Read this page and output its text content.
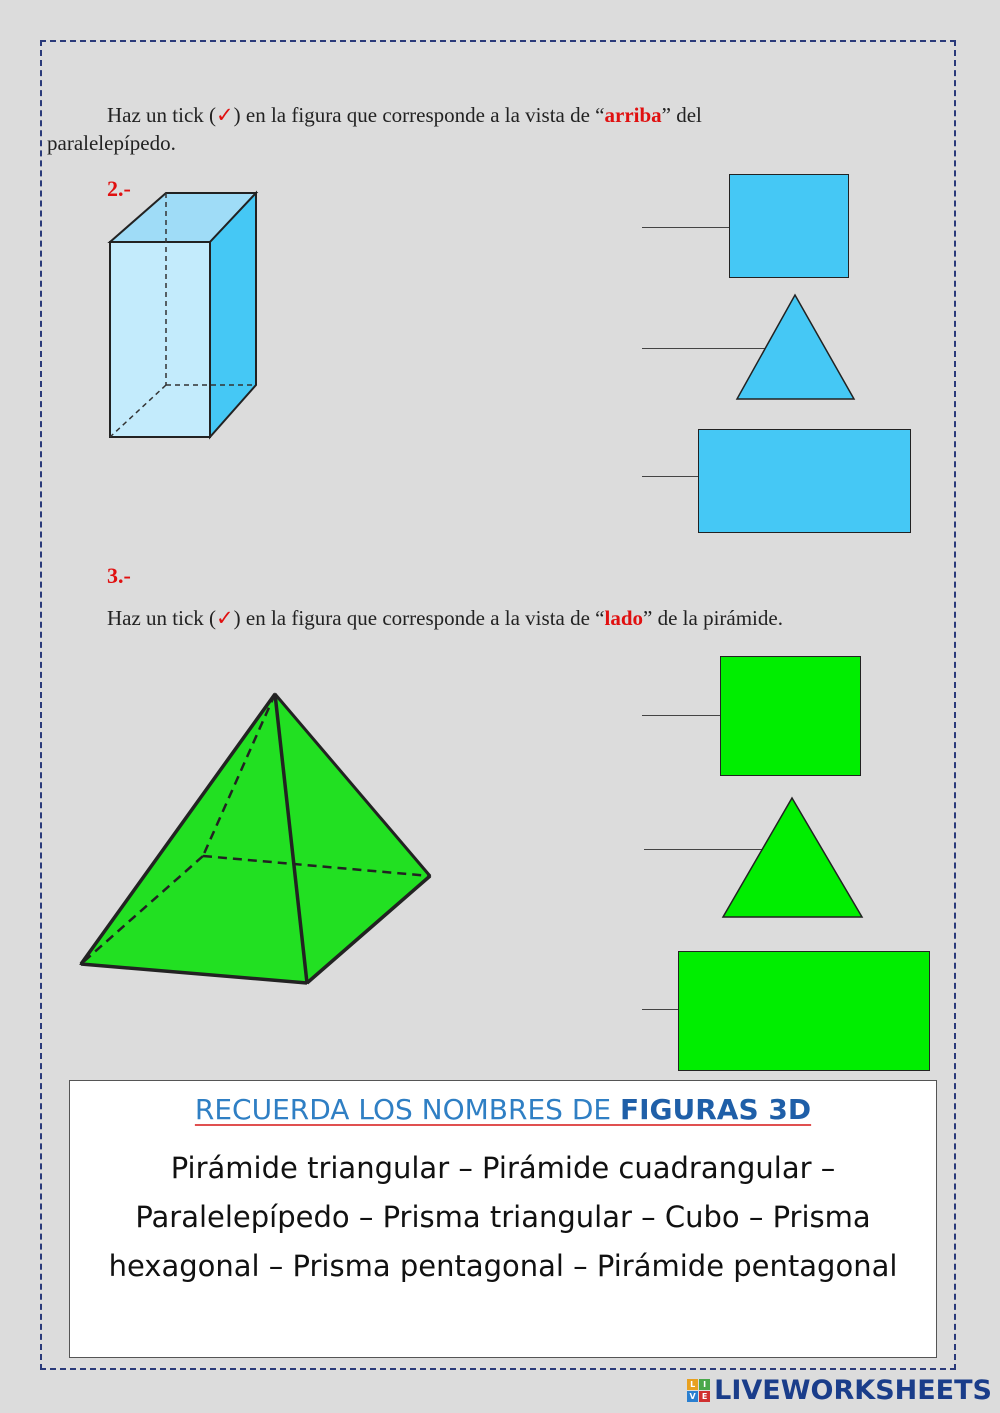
Haz un tick (✓) en la figura que corresponde a la vista de “arriba” del
paralelepípedo.
2.-
3.-
Haz un tick (✓) en la figura que corresponde a la vista de “lado” de la pirámide.
RECUERDA LOS NOMBRES DE FIGURAS 3D
Pirámide triangular – Pirámide cuadrangular –
Paralelepípedo – Prisma triangular – Cubo – Prisma
hexagonal – Prisma pentagonal – Pirámide pentagonal
L I
V E LIVEWORKSHEETS
